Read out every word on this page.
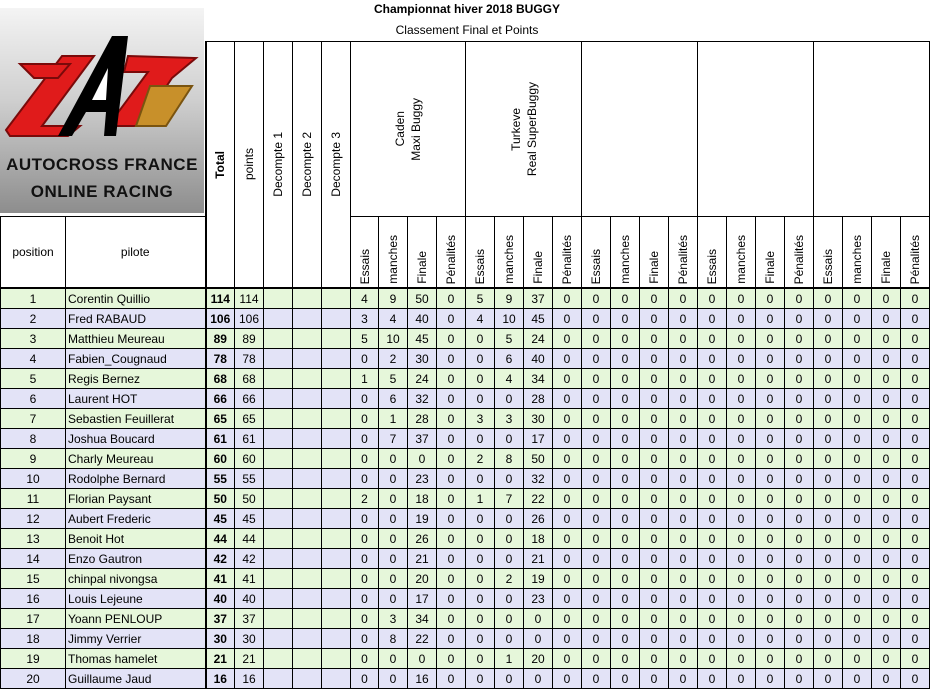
AUTOCROSS FRANCE
ONLINE RACING
Championnat hiver 2018 BUGGY
Classement Final et Points

		Total	points	Decompte 1	Decompte 2	Decompte 3	Caden Maxi Buggy				Turkeve Real SuperBuggy															

position	pilote						Essais	manches	Finale	Pénalités	Essais	manches	Finale	Pénalités	Essais	manches	Finale	Pénalités	Essais	manches	Finale	Pénalités	Essais	manches	Finale	Pénalités
1	Corentin Quillio	114	114				4	9	50	0	5	9	37	0	0	0	0	0	0	0	0	0	0	0	0	0
2	Fred RABAUD	106	106				3	4	40	0	4	10	45	0	0	0	0	0	0	0	0	0	0	0	0	0
3	Matthieu Meureau	89	89				5	10	45	0	0	5	24	0	0	0	0	0	0	0	0	0	0	0	0	0
4	Fabien_Cougnaud	78	78				0	2	30	0	0	6	40	0	0	0	0	0	0	0	0	0	0	0	0	0
5	Regis Bernez	68	68				1	5	24	0	0	4	34	0	0	0	0	0	0	0	0	0	0	0	0	0
6	Laurent HOT	66	66				0	6	32	0	0	0	28	0	0	0	0	0	0	0	0	0	0	0	0	0
7	Sebastien Feuillerat	65	65				0	1	28	0	3	3	30	0	0	0	0	0	0	0	0	0	0	0	0	0
8	Joshua Boucard	61	61				0	7	37	0	0	0	17	0	0	0	0	0	0	0	0	0	0	0	0	0
9	Charly Meureau	60	60				0	0	0	0	2	8	50	0	0	0	0	0	0	0	0	0	0	0	0	0
10	Rodolphe Bernard	55	55				0	0	23	0	0	0	32	0	0	0	0	0	0	0	0	0	0	0	0	0
11	Florian Paysant	50	50				2	0	18	0	1	7	22	0	0	0	0	0	0	0	0	0	0	0	0	0
12	Aubert Frederic	45	45				0	0	19	0	0	0	26	0	0	0	0	0	0	0	0	0	0	0	0	0
13	Benoit Hot	44	44				0	0	26	0	0	0	18	0	0	0	0	0	0	0	0	0	0	0	0	0
14	Enzo Gautron	42	42				0	0	21	0	0	0	21	0	0	0	0	0	0	0	0	0	0	0	0	0
15	chinpal nivongsa	41	41				0	0	20	0	0	2	19	0	0	0	0	0	0	0	0	0	0	0	0	0
16	Louis Lejeune	40	40				0	0	17	0	0	0	23	0	0	0	0	0	0	0	0	0	0	0	0	0
17	Yoann PENLOUP	37	37				0	3	34	0	0	0	0	0	0	0	0	0	0	0	0	0	0	0	0	0
18	Jimmy Verrier	30	30				0	8	22	0	0	0	0	0	0	0	0	0	0	0	0	0	0	0	0	0
19	Thomas hamelet	21	21				0	0	0	0	0	1	20	0	0	0	0	0	0	0	0	0	0	0	0	0
20	Guillaume Jaud	16	16				0	0	16	0	0	0	0	0	0	0	0	0	0	0	0	0	0	0	0	0
